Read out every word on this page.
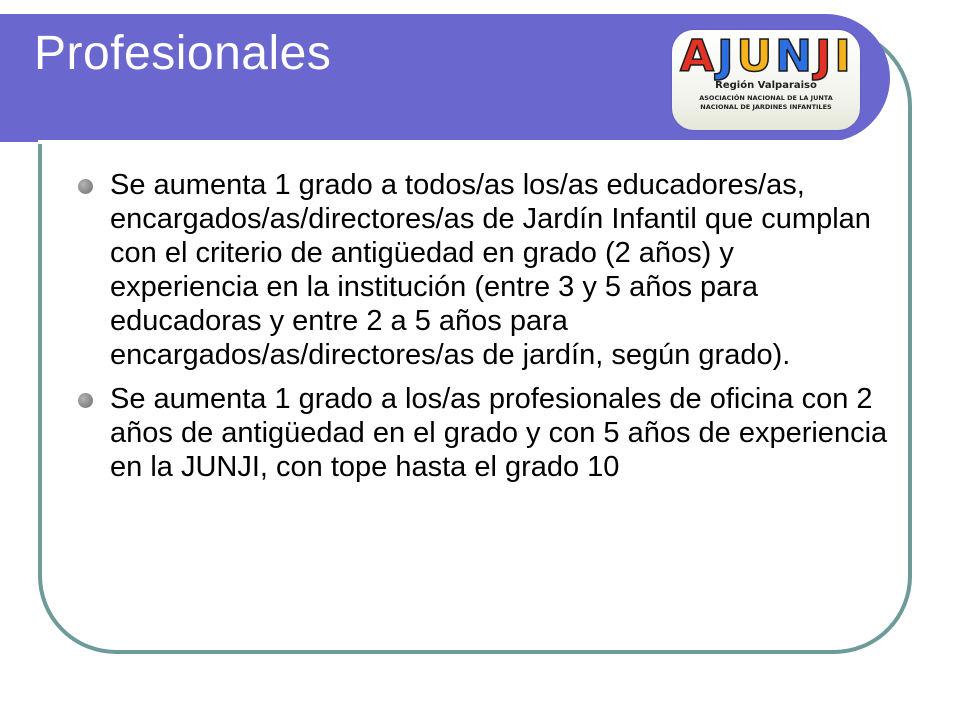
Profesionales	AJUNJI
Región Valparaiso
ASOCIACIÓN NACIONAL DE LA JUNTA
NACIONAL DE JARDINES INFANTILES
Se aumenta 1 grado a todos/as los/as educadores/as, encargados/as/directores/as de Jardín Infantil que cumplan con el criterio de antigüedad en grado (2 años) y experiencia en la institución (entre 3 y 5 años para educadoras y entre 2 a 5 años para encargados/as/directores/as de jardín, según grado).
Se aumenta 1 grado a los/as profesionales de oficina con 2 años de antigüedad en el grado y con 5 años de experiencia en la JUNJI, con tope hasta el grado 10
